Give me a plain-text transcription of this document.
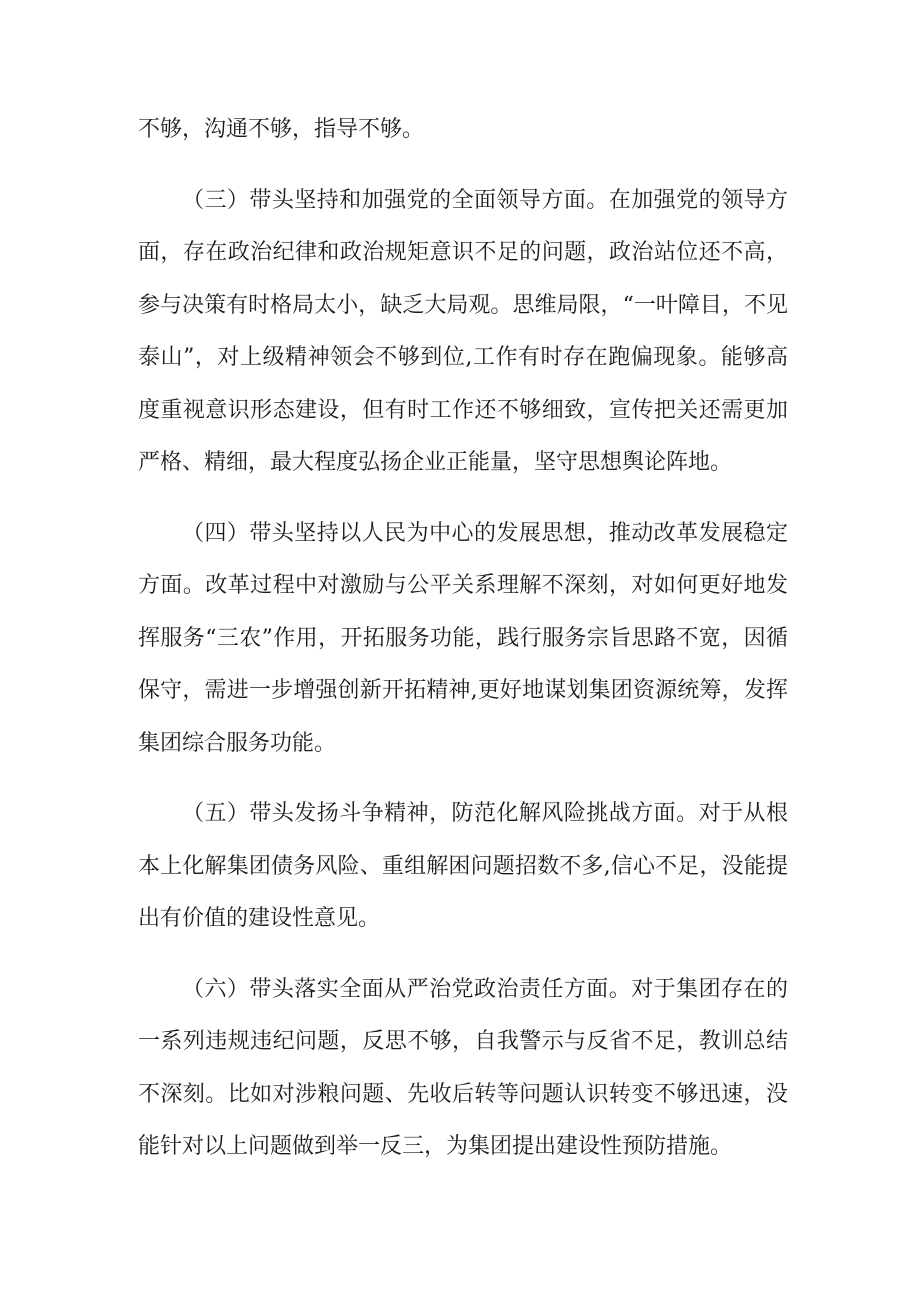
不够，沟通不够，指导不够。

（三）带头坚持和加强党的全面领导方面。在加强党的领导方面，存在政治纪律和政治规矩意识不足的问题，政治站位还不高，参与决策有时格局太小，缺乏大局观。思维局限，“一叶障目，不见泰山”，对上级精神领会不够到位,工作有时存在跑偏现象。能够高度重视意识形态建设，但有时工作还不够细致，宣传把关还需更加严格、精细，最大程度弘扬企业正能量，坚守思想舆论阵地。

（四）带头坚持以人民为中心的发展思想，推动改革发展稳定方面。改革过程中对激励与公平关系理解不深刻，对如何更好地发挥服务“三农”作用，开拓服务功能，践行服务宗旨思路不宽，因循保守，需进一步增强创新开拓精神,更好地谋划集团资源统筹，发挥集团综合服务功能。

（五）带头发扬斗争精神，防范化解风险挑战方面。对于从根本上化解集团债务风险、重组解困问题招数不多,信心不足，没能提出有价值的建设性意见。

（六）带头落实全面从严治党政治责任方面。对于集团存在的一系列违规违纪问题，反思不够，自我警示与反省不足，教训总结不深刻。比如对涉粮问题、先收后转等问题认识转变不够迅速，没能针对以上问题做到举一反三，为集团提出建设性预防措施。
